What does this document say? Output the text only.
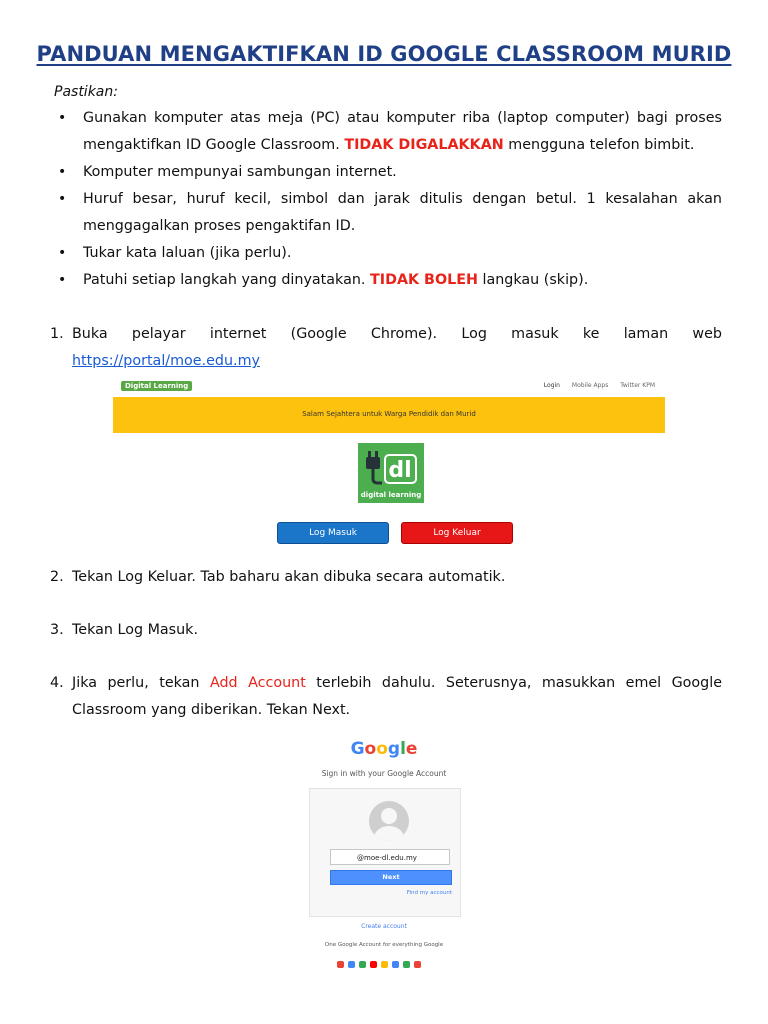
PANDUAN MENGAKTIFKAN ID GOOGLE CLASSROOM MURID
Pastikan:
• Gunakan komputer atas meja (PC) atau komputer riba (laptop computer) bagi proses mengaktifkan ID Google Classroom. TIDAK DIGALAKKAN mengguna telefon bimbit.
• Komputer mempunyai sambungan internet.
• Huruf besar, huruf kecil, simbol dan jarak ditulis dengan betul. 1 kesalahan akan menggagalkan proses pengaktifan ID.
• Tukar kata laluan (jika perlu).
• Patuhi setiap langkah yang dinyatakan. TIDAK BOLEH langkau (skip).
1. Buka pelayar internet (Google Chrome). Log masuk ke laman web
https://portal/moe.edu.my
Digital Learning	Login Mobile Apps Twitter KPM
Salam Sejahtera untuk Warga Pendidik dan Murid
dl
digital learning
Log Masuk	Log Keluar
2. Tekan Log Keluar. Tab baharu akan dibuka secara automatik.
3. Tekan Log Masuk.
4. Jika perlu, tekan Add Account terlebih dahulu. Seterusnya, masukkan emel Google Classroom yang diberikan. Tekan Next.
Google
Sign in with your Google Account
@moe-dl.edu.my
Next
Find my account
Create account
One Google Account for everything Google
